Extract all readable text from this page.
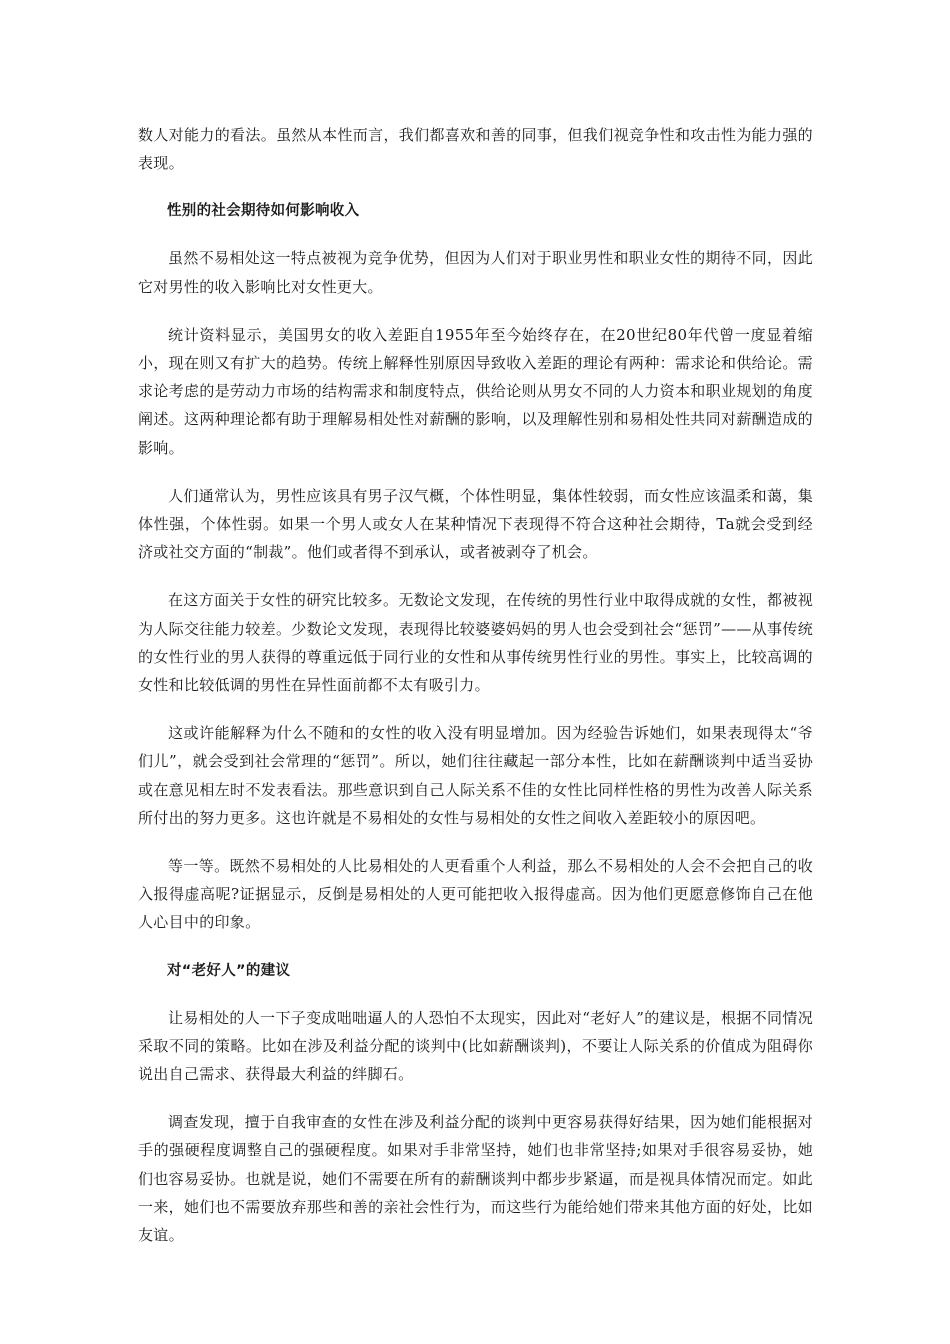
数人对能力的看法。虽然从本性而言，我们都喜欢和善的同事，但我们视竞争性和攻击性为能力强的表现。

性别的社会期待如何影响收入

虽然不易相处这一特点被视为竞争优势，但因为人们对于职业男性和职业女性的期待不同，因此它对男性的收入影响比对女性更大。

统计资料显示，美国男女的收入差距自1955年至今始终存在，在20世纪80年代曾一度显着缩小，现在则又有扩大的趋势。传统上解释性别原因导致收入差距的理论有两种：需求论和供给论。需求论考虑的是劳动力市场的结构需求和制度特点，供给论则从男女不同的人力资本和职业规划的角度阐述。这两种理论都有助于理解易相处性对薪酬的影响，以及理解性别和易相处性共同对薪酬造成的影响。

人们通常认为，男性应该具有男子汉气概，个体性明显，集体性较弱，而女性应该温柔和蔼，集体性强，个体性弱。如果一个男人或女人在某种情况下表现得不符合这种社会期待，Ta就会受到经济或社交方面的“制裁”。他们或者得不到承认，或者被剥夺了机会。

在这方面关于女性的研究比较多。无数论文发现，在传统的男性行业中取得成就的女性，都被视为人际交往能力较差。少数论文发现，表现得比较婆婆妈妈的男人也会受到社会“惩罚”——从事传统的女性行业的男人获得的尊重远低于同行业的女性和从事传统男性行业的男性。事实上，比较高调的女性和比较低调的男性在异性面前都不太有吸引力。

这或许能解释为什么不随和的女性的收入没有明显增加。因为经验告诉她们，如果表现得太“爷们儿”，就会受到社会常理的“惩罚”。所以，她们往往藏起一部分本性，比如在薪酬谈判中适当妥协或在意见相左时不发表看法。那些意识到自己人际关系不佳的女性比同样性格的男性为改善人际关系所付出的努力更多。这也许就是不易相处的女性与易相处的女性之间收入差距较小的原因吧。

等一等。既然不易相处的人比易相处的人更看重个人利益，那么不易相处的人会不会把自己的收入报得虚高呢?证据显示，反倒是易相处的人更可能把收入报得虚高。因为他们更愿意修饰自己在他人心目中的印象。

对“老好人”的建议

让易相处的人一下子变成咄咄逼人的人恐怕不太现实，因此对“老好人”的建议是，根据不同情况采取不同的策略。比如在涉及利益分配的谈判中(比如薪酬谈判)，不要让人际关系的价值成为阻碍你说出自己需求、获得最大利益的绊脚石。

调查发现，擅于自我审查的女性在涉及利益分配的谈判中更容易获得好结果，因为她们能根据对手的强硬程度调整自己的强硬程度。如果对手非常坚持，她们也非常坚持;如果对手很容易妥协，她们也容易妥协。也就是说，她们不需要在所有的薪酬谈判中都步步紧逼，而是视具体情况而定。如此一来，她们也不需要放弃那些和善的亲社会性行为，而这些行为能给她们带来其他方面的好处，比如友谊。
